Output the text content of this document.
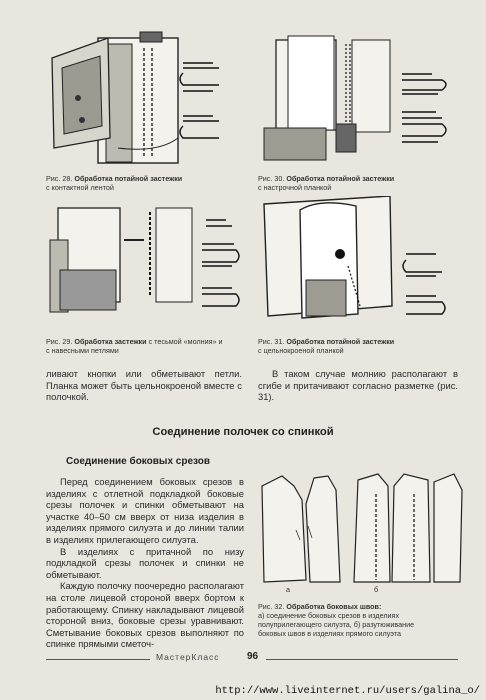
Рис. 28. Обработка потайной застежки
с контактной лентой
Рис. 30. Обработка потайной застежки
с настрочной планкой
Рис. 29. Обработка застежки с тесьмой «молния» и
с навесными петлями
Рис. 31. Обработка потайной застежки
с цельнокроеной планкой

ливают кнопки или обметывают петли. Планка может быть цельнокроеной вместе с полочкой.

В таком случае молнию располагают в сгибе и притачивают согласно разметке (рис. 31).

Соединение полочек со спинкой
Соединение боковых срезов

Перед соединением боковых срезов в изделиях с отлетной подкладкой боковые срезы полочек и спинки обметывают на участке 40–50 см вверх от низа изделия в изделиях прямого силуэта и до линии талии в изделиях прилегающего силуэта.

В изделиях с притачной по низу подкладкой срезы полочек и спинки не обметывают.

Каждую полочку поочередно располагают на столе лицевой стороной вверх бортом к работающему. Спинку накладывают лицевой стороной вниз, боковые срезы уравнивают. Сметывание боковых срезов выполняют по спинке прямыми сметоч-

а	б
Рис. 32. Обработка боковых швов:
а) соединение боковых срезов в изделиях
полуприлегающего силуэта, б) разутюживание
боковых швов в изделиях прямого силуэта
МастерКласс	96
http://www.liveinternet.ru/users/galina_o/
